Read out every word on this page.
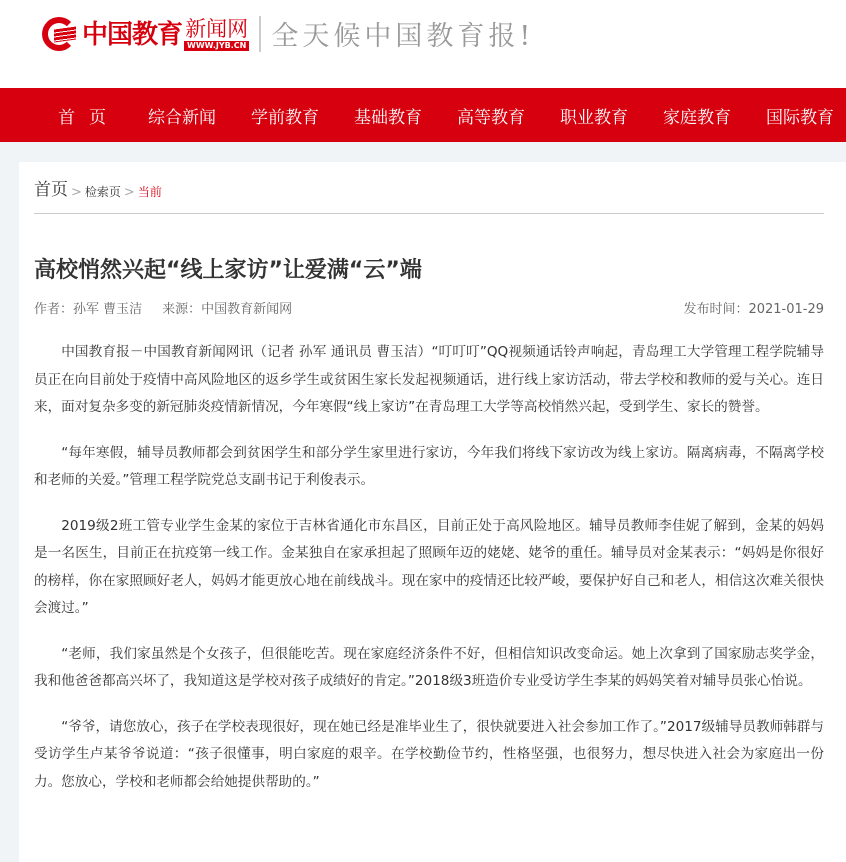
中国教育 新闻网
WWW.JYB.CN 全天候中国教育报!
首页 综合新闻 学前教育 基础教育 高等教育 职业教育 家庭教育 国际教育
首页 > 检索页 > 当前
高校悄然兴起“线上家访”让爱满“云”端
作者：孙军 曹玉洁 来源：中国教育新闻网	发布时间：2021-01-29

中国教育报－中国教育新闻网讯（记者 孙军 通讯员 曹玉洁）“叮叮叮”QQ视频通话铃声响起，青岛理工大学管理工程学院辅导员正在向目前处于疫情中高风险地区的返乡学生或贫困生家长发起视频通话，进行线上家访活动，带去学校和教师的爱与关心。连日来，面对复杂多变的新冠肺炎疫情新情况，今年寒假“线上家访”在青岛理工大学等高校悄然兴起，受到学生、家长的赞誉。

“每年寒假，辅导员教师都会到贫困学生和部分学生家里进行家访，今年我们将线下家访改为线上家访。隔离病毒，不隔离学校和老师的关爱。”管理工程学院党总支副书记于利俊表示。

2019级2班工管专业学生金某的家位于吉林省通化市东昌区，目前正处于高风险地区。辅导员教师李佳妮了解到，金某的妈妈是一名医生，目前正在抗疫第一线工作。金某独自在家承担起了照顾年迈的姥姥、姥爷的重任。辅导员对金某表示：“妈妈是你很好的榜样，你在家照顾好老人，妈妈才能更放心地在前线战斗。现在家中的疫情还比较严峻，要保护好自己和老人，相信这次难关很快会渡过。”

“老师，我们家虽然是个女孩子，但很能吃苦。现在家庭经济条件不好，但相信知识改变命运。她上次拿到了国家励志奖学金，我和他爸爸都高兴坏了，我知道这是学校对孩子成绩好的肯定。”2018级3班造价专业受访学生李某的妈妈笑着对辅导员张心怡说。

“爷爷，请您放心，孩子在学校表现很好，现在她已经是准毕业生了，很快就要进入社会参加工作了。”2017级辅导员教师韩群与受访学生卢某爷爷说道：“孩子很懂事，明白家庭的艰辛。在学校勤俭节约，性格坚强，也很努力，想尽快进入社会为家庭出一份力。您放心，学校和老师都会给她提供帮助的。”
